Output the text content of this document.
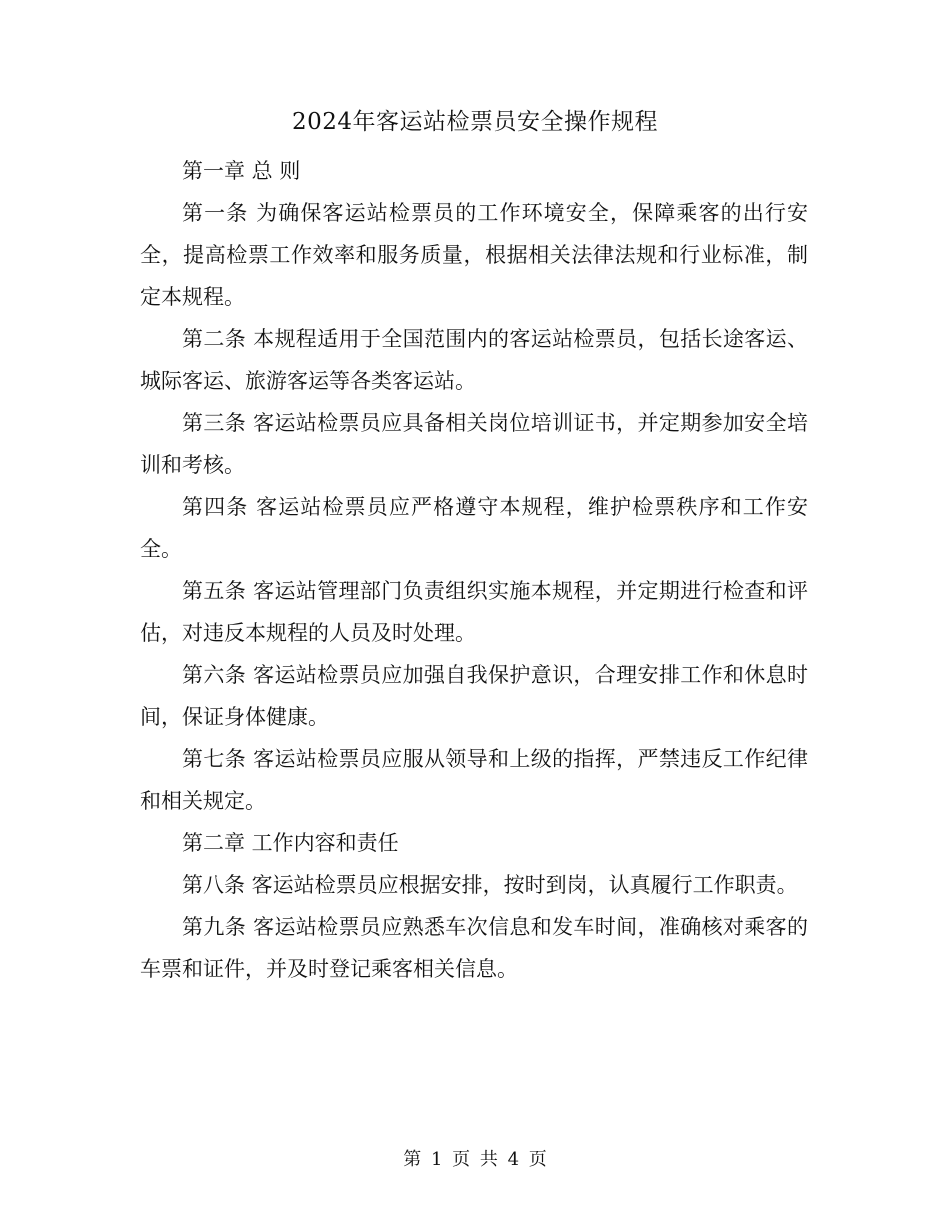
2024年客运站检票员安全操作规程

第一章 总 则

第一条 为确保客运站检票员的工作环境安全，保障乘客的出行安全，提高检票工作效率和服务质量，根据相关法律法规和行业标准，制定本规程。

第二条 本规程适用于全国范围内的客运站检票员，包括长途客运、城际客运、旅游客运等各类客运站。

第三条 客运站检票员应具备相关岗位培训证书，并定期参加安全培训和考核。

第四条 客运站检票员应严格遵守本规程，维护检票秩序和工作安全。

第五条 客运站管理部门负责组织实施本规程，并定期进行检查和评估，对违反本规程的人员及时处理。

第六条 客运站检票员应加强自我保护意识，合理安排工作和休息时间，保证身体健康。

第七条 客运站检票员应服从领导和上级的指挥，严禁违反工作纪律和相关规定。

第二章 工作内容和责任

第八条 客运站检票员应根据安排，按时到岗，认真履行工作职责。

第九条 客运站检票员应熟悉车次信息和发车时间，准确核对乘客的车票和证件，并及时登记乘客相关信息。

第 1 页 共 4 页
